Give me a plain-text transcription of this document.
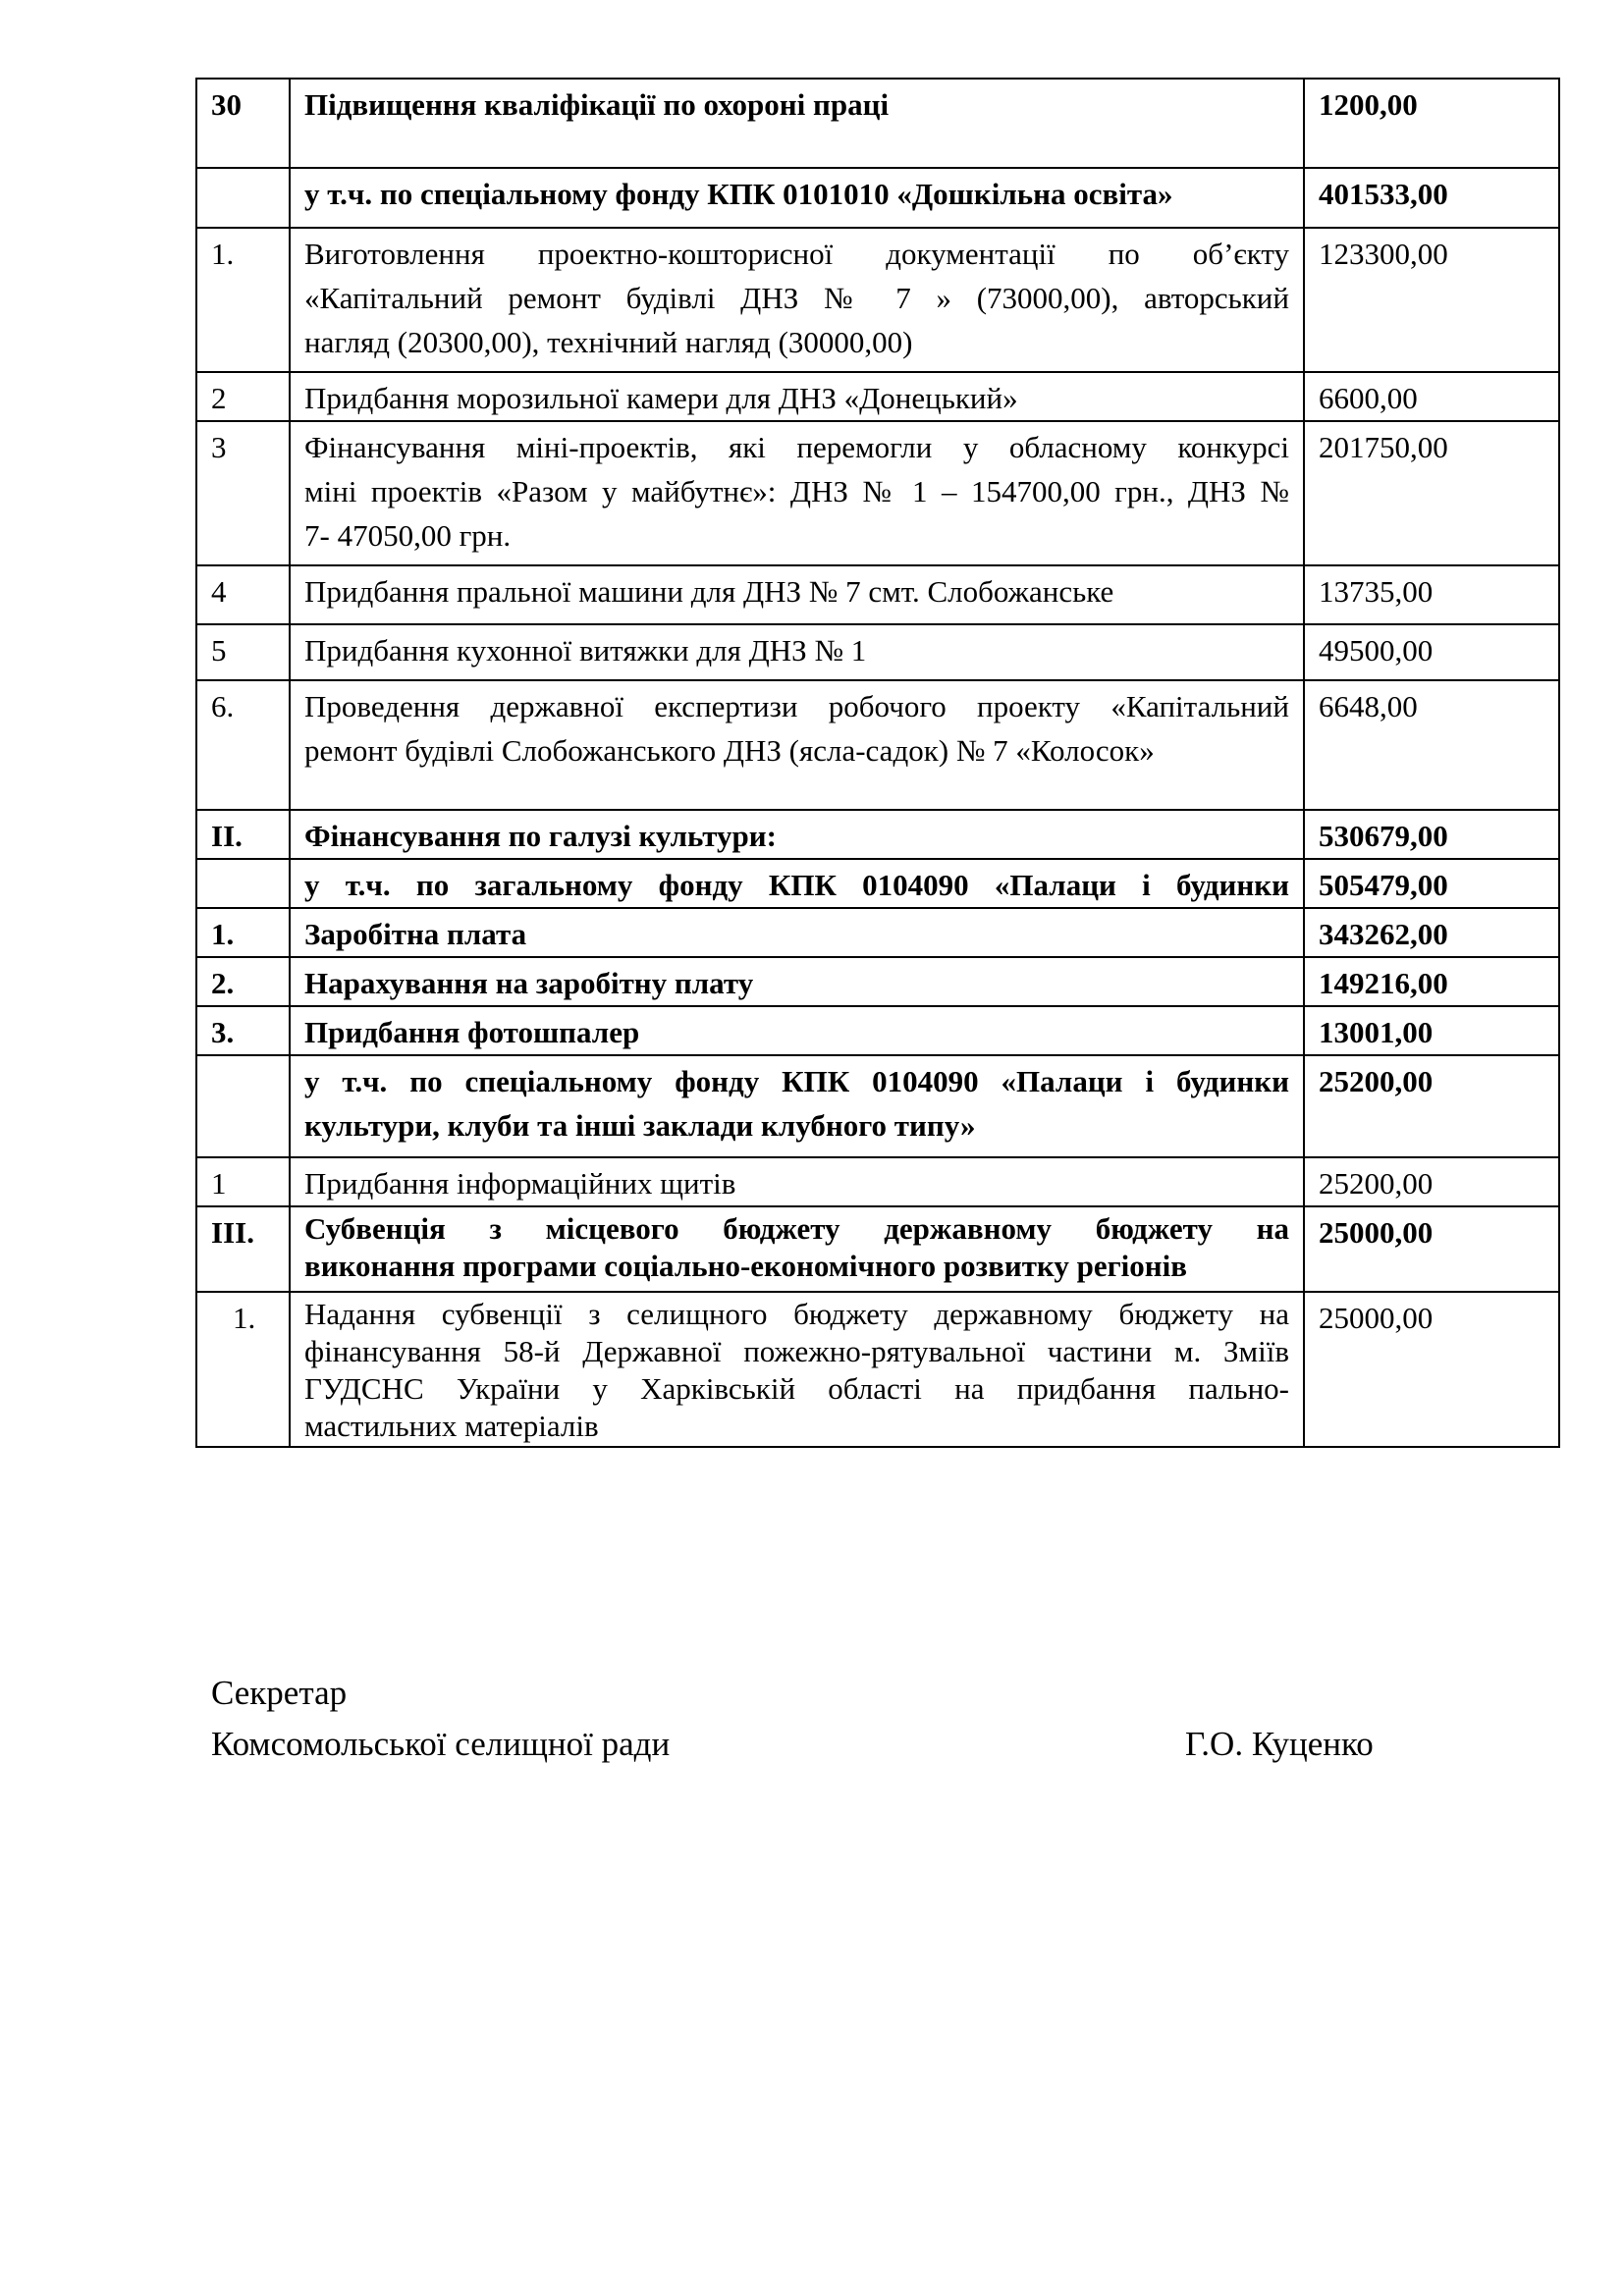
30	Підвищення кваліфікації по охороні праці	1200,00
	у т.ч. по спеціальному фонду КПК 0101010 «Дошкільна освіта»	401533,00
1.	Виготовлення проектно-кошторисної документації по об’єкту
«Капітальний ремонт будівлі ДНЗ № 7 » (73000,00), авторський
нагляд (20300,00), технічний нагляд (30000,00)	123300,00
2	Придбання морозильної камери для ДНЗ «Донецький»	6600,00
3	Фінансування міні-проектів, які перемогли у обласному конкурсі
міні проектів «Разом у майбутнє»: ДНЗ № 1 – 154700,00 грн., ДНЗ №
7- 47050,00 грн.	201750,00
4	Придбання пральної машини для ДНЗ № 7 смт. Слобожанське	13735,00
5	Придбання кухонної витяжки для ДНЗ № 1	49500,00
6.	Проведення державної експертизи робочого проекту «Капітальний
ремонт будівлі Слобожанського ДНЗ (ясла-садок) № 7 «Колосок»	6648,00
ІІ.	Фінансування по галузі культури:	530679,00
	у т.ч. по загальному фонду КПК 0104090 «Палаци і будинки	505479,00
1.	Заробітна плата	343262,00
2.	Нарахування на заробітну плату	149216,00
3.	Придбання фотошпалер	13001,00

	у т.ч. по спеціальному фонду КПК 0104090 «Палаци і будинки
культури, клуби та інші заклади клубного типу»	25200,00
1	Придбання інформаційних щитів	25200,00
ІІІ.	Субвенція з місцевого бюджету державному бюджету на
виконання програми соціально-економічного розвитку регіонів	25000,00
1.	Надання субвенції з селищного бюджету державному бюджету на
фінансування 58-й Державної пожежно-рятувальної частини м. Зміїв
ГУДСНС України у Харківській області на придбання пально-
мастильних матеріалів	25000,00
Секретар
Комсомольської селищної ради	Г.О. Куценко
